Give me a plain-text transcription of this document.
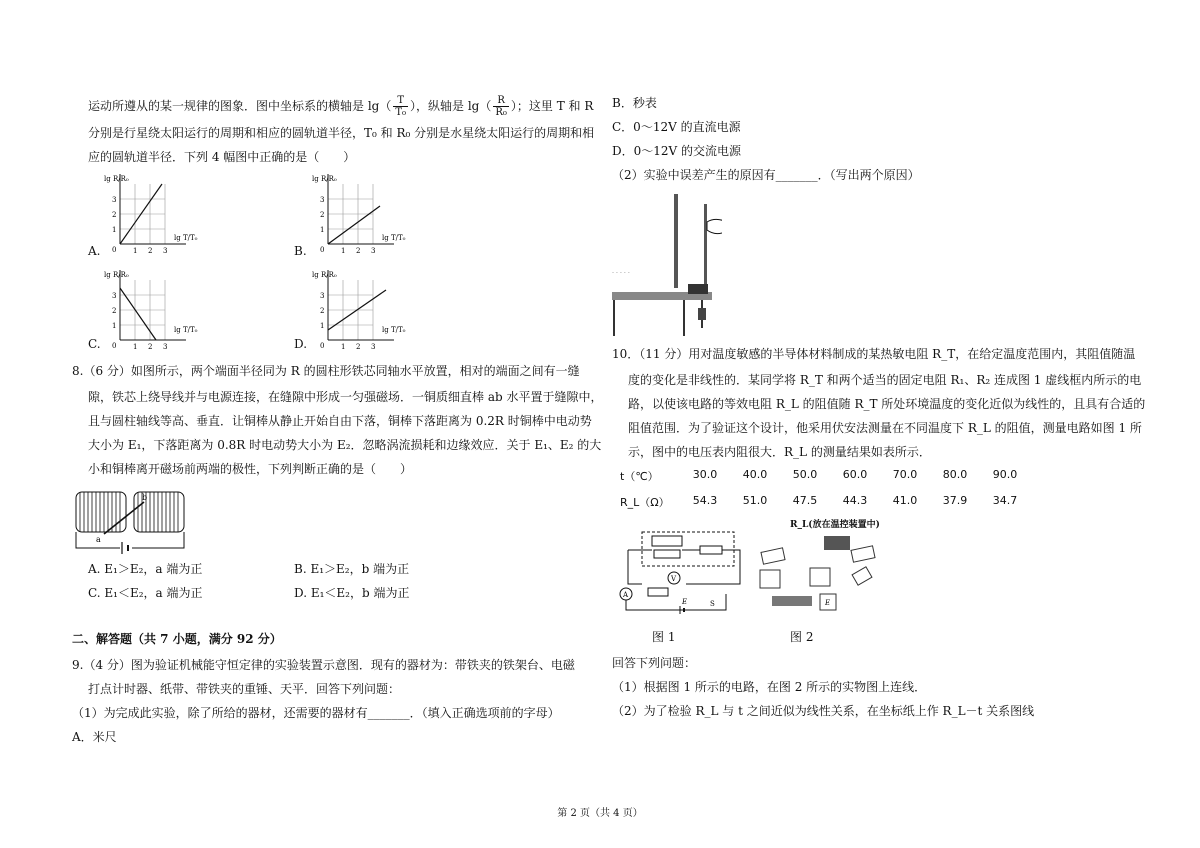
运动所遵从的某一规律的图象．图中坐标系的横轴是 $\lg( \frac{T}{\text{T₀}}$ ），纵轴是 $\lg( \frac{R}{\text{R₀}}$ ）；这里 T 和 R
分别是行星绕太阳运行的周期和相应的圆轨道半径，T₀ 和 R₀ 分别是水星绕太阳运行的周期和相
应的圆轨道半径．下列 4 幅图中正确的是（　　）
A.
lg R/R₀
lg T/T₀
3
2
1
0 1 2 3	B.
lg R/R₀
lg T/T₀
3
2
1
0 1 2 3
C.
lg R/R₀
lg T/T₀
3
2
1
0 1 2 3	D.
lg R/R₀
lg T/T₀
3
2
1
0 1 2 3
8.（6 分）如图所示，两个端面半径同为 R 的圆柱形铁芯同轴水平放置，相对的端面之间有一缝
隙，铁芯上绕导线并与电源连接，在缝隙中形成一匀强磁场．一铜质细直棒 ab 水平置于缝隙中，
且与圆柱轴线等高、垂直．让铜棒从静止开始自由下落，铜棒下落距离为 0.2R 时铜棒中电动势
大小为 E₁，下落距离为 0.8R 时电动势大小为 E₂．忽略涡流损耗和边缘效应．关于 E₁、E₂ 的大
小和铜棒离开磁场前两端的极性，下列判断正确的是（　　）
a
b
A. E₁＞E₂，a 端为正	B. E₁＞E₂，b 端为正
C. E₁＜E₂，a 端为正	D. E₁＜E₂，b 端为正
二、解答题（共 7 小题，满分 92 分）
9.（4 分）图为验证机械能守恒定律的实验装置示意图．现有的器材为：带铁夹的铁架台、电磁
打点计时器、纸带、带铁夹的重锤、天平．回答下列问题：
（1）为完成此实验，除了所给的器材，还需要的器材有_______．（填入正确选项前的字母）
A．米尺
B．秒表
C．0～12V 的直流电源
D．0～12V 的交流电源
（2）实验中误差产生的原因有_______．（写出两个原因）
- - - - -
10．（11 分）用对温度敏感的半导体材料制成的某热敏电阻 R_T，在给定温度范围内，其阻值随温
度的变化是非线性的．某同学将 R_T 和两个适当的固定电阻 R₁、R₂ 连成图 1 虚线框内所示的电
路，以使该电路的等效电阻 R_L 的阻值随 R_T 所处环境温度的变化近似为线性的，且具有合适的
阻值范围．为了验证这个设计，他采用伏安法测量在不同温度下 R_L 的阻值，测量电路如图 1 所
示，图中的电压表内阻很大．R_L 的测量结果如表所示．
t（℃）	30.0	40.0	50.0	60.0	70.0	80.0	90.0
R_L（Ω）	54.3	51.0	47.5	44.3	41.0	37.9	34.7
V
A
E	S
R_L(放在温控装置中)
E
图 1	图 2
回答下列问题：
（1）根据图 1 所示的电路，在图 2 所示的实物图上连线．
（2）为了检验 R_L 与 t 之间近似为线性关系，在坐标纸上作 R_L－t 关系图线
第 2 页（共 4 页）
